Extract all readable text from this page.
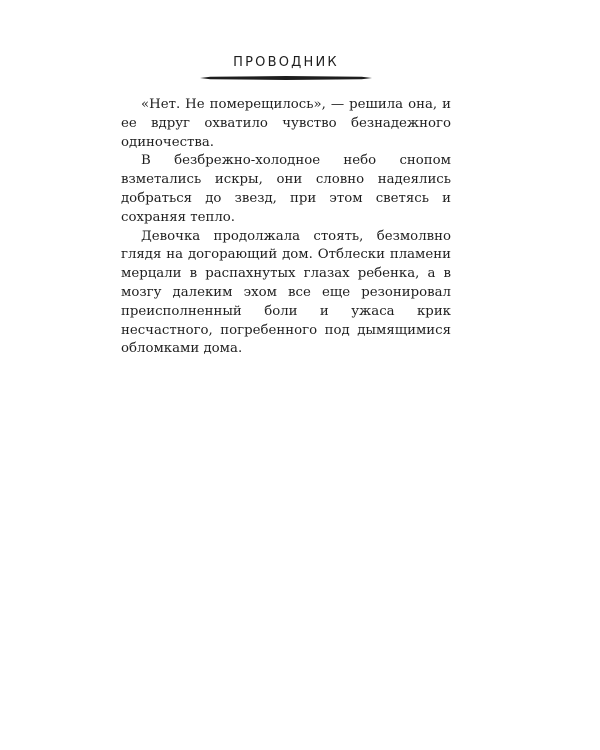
ПРОВОДНИК

«Нет. Не померещилось», — решила она, и ее вдруг охватило чувство безнадежного одиночества.

В безбрежно-холодное небо снопом взметались искры, они словно надеялись добраться до звезд, при этом светясь и сохраняя тепло.

Девочка продолжала стоять, безмолвно глядя на догорающий дом. Отблески пламени мерцали в распахнутых глазах ребенка, а в мозгу далеким эхом все еще резонировал преисполненный боли и ужаса крик несчастного, погребенного под дымящимися обломками дома.
